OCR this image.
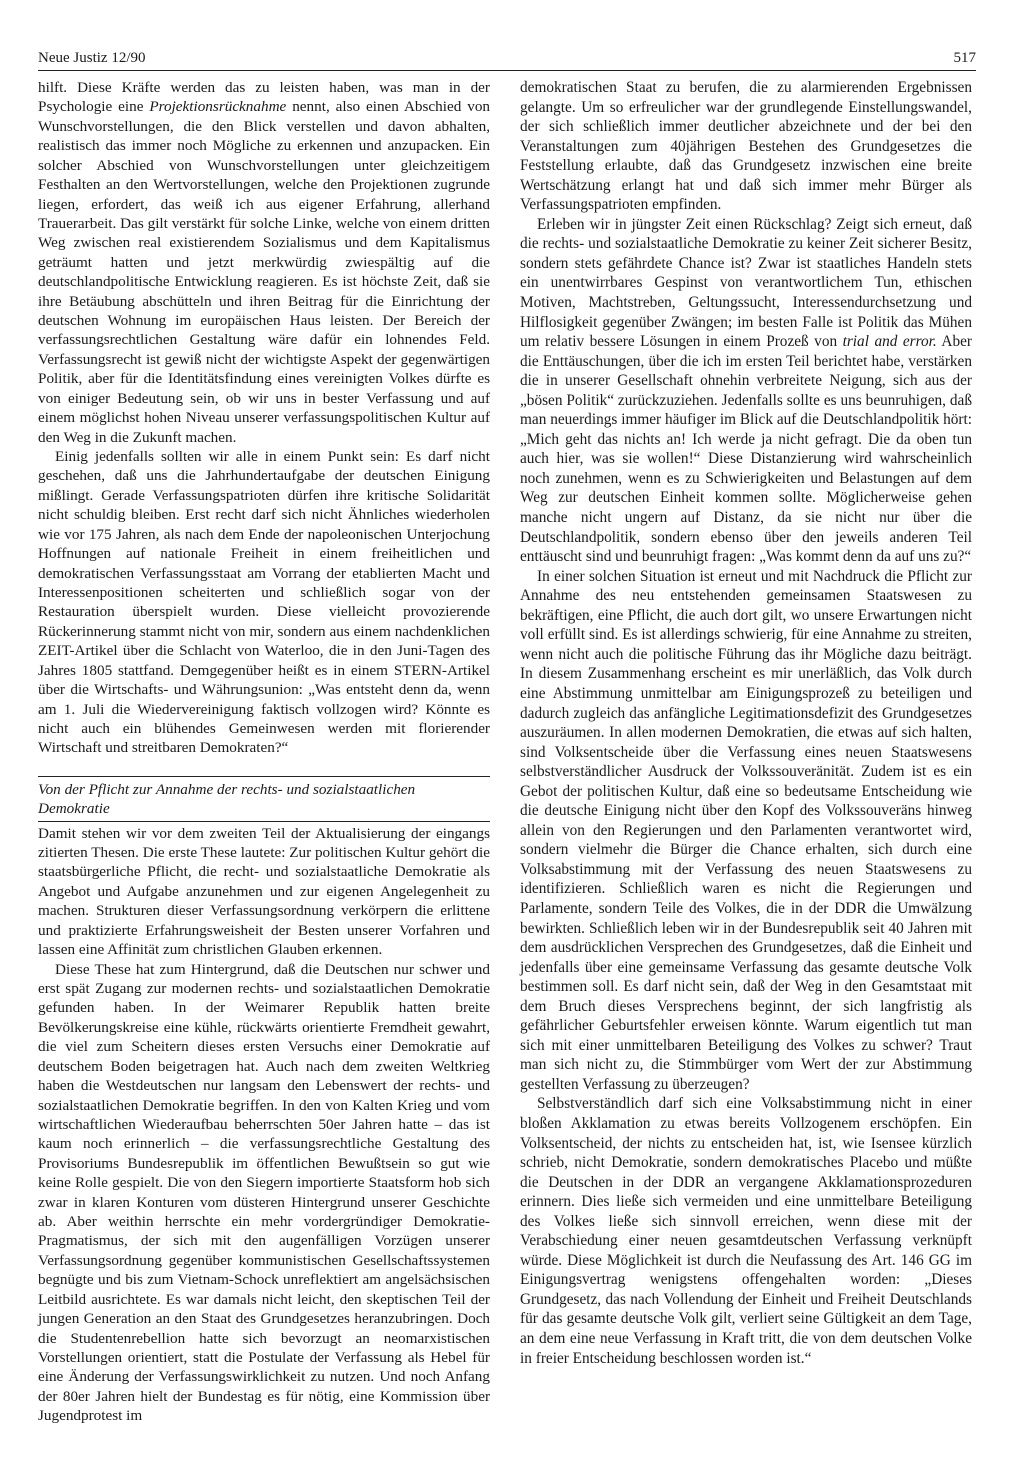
Neue Justiz 12/90	517

hilft. Diese Kräfte werden das zu leisten haben, was man in der Psychologie eine Projektionsrücknahme nennt, also einen Abschied von Wunschvorstellungen, die den Blick verstellen und davon abhalten, realistisch das immer noch Mögliche zu erkennen und anzupacken. Ein solcher Abschied von Wunschvorstellungen unter gleichzeitigem Festhalten an den Wertvorstellungen, welche den Projektionen zugrunde liegen, erfordert, das weiß ich aus eigener Erfahrung, allerhand Trauerarbeit. Das gilt verstärkt für solche Linke, welche von einem dritten Weg zwischen real existierendem Sozialismus und dem Kapitalismus geträumt hatten und jetzt merkwürdig zwiespältig auf die deutschlandpolitische Entwicklung reagieren. Es ist höchste Zeit, daß sie ihre Betäubung abschütteln und ihren Beitrag für die Einrichtung der deutschen Wohnung im europäischen Haus leisten. Der Bereich der verfassungsrechtlichen Gestaltung wäre dafür ein lohnendes Feld. Verfassungsrecht ist gewiß nicht der wichtigste Aspekt der gegenwärtigen Politik, aber für die Identitätsfindung eines vereinigten Volkes dürfte es von einiger Bedeutung sein, ob wir uns in bester Verfassung und auf einem möglichst hohen Niveau unserer verfassungspolitischen Kultur auf den Weg in die Zukunft machen.

Einig jedenfalls sollten wir alle in einem Punkt sein: Es darf nicht geschehen, daß uns die Jahrhundertaufgabe der deutschen Einigung mißlingt. Gerade Verfassungspatrioten dürfen ihre kritische Solidarität nicht schuldig bleiben. Erst recht darf sich nicht Ähnliches wiederholen wie vor 175 Jahren, als nach dem Ende der napoleonischen Unterjochung Hoffnungen auf nationale Freiheit in einem freiheitlichen und demokratischen Verfassungsstaat am Vorrang der etablierten Macht und Interessenpositionen scheiterten und schließlich sogar von der Restauration überspielt wurden. Diese vielleicht provozierende Rückerinnerung stammt nicht von mir, sondern aus einem nachdenklichen ZEIT-Artikel über die Schlacht von Waterloo, die in den Juni-Tagen des Jahres 1805 stattfand. Demgegenüber heißt es in einem STERN-Artikel über die Wirtschafts- und Währungsunion: „Was entsteht denn da, wenn am 1. Juli die Wiedervereinigung faktisch vollzogen wird? Könnte es nicht auch ein blühendes Gemeinwesen werden mit florierender Wirtschaft und streitbaren Demokraten?“

Von der Pflicht zur Annahme der rechts- und sozialstaatlichen Demokratie

Damit stehen wir vor dem zweiten Teil der Aktualisierung der eingangs zitierten Thesen. Die erste These lautete: Zur politischen Kultur gehört die staatsbürgerliche Pflicht, die recht- und sozialstaatliche Demokratie als Angebot und Aufgabe anzunehmen und zur eigenen Angelegenheit zu machen. Strukturen dieser Verfassungsordnung verkörpern die erlittene und praktizierte Erfahrungsweisheit der Besten unserer Vorfahren und lassen eine Affinität zum christlichen Glauben erkennen.

Diese These hat zum Hintergrund, daß die Deutschen nur schwer und erst spät Zugang zur modernen rechts- und sozialstaatlichen Demokratie gefunden haben. In der Weimarer Republik hatten breite Bevölkerungskreise eine kühle, rückwärts orientierte Fremdheit gewahrt, die viel zum Scheitern dieses ersten Versuchs einer Demokratie auf deutschem Boden beigetragen hat. Auch nach dem zweiten Weltkrieg haben die Westdeutschen nur langsam den Lebenswert der rechts- und sozialstaatlichen Demokratie begriffen. In den von Kalten Krieg und vom wirtschaftlichen Wiederaufbau beherrschten 50er Jahren hatte – das ist kaum noch erinnerlich – die verfassungsrechtliche Gestaltung des Provisoriums Bundesrepublik im öffentlichen Bewußtsein so gut wie keine Rolle gespielt. Die von den Siegern importierte Staatsform hob sich zwar in klaren Konturen vom düsteren Hintergrund unserer Geschichte ab. Aber weithin herrschte ein mehr vordergründiger Demokratie-Pragmatismus, der sich mit den augenfälligen Vorzügen unserer Verfassungsordnung gegenüber kommunistischen Gesellschaftssystemen begnügte und bis zum Vietnam-Schock unreflektiert am angelsächsischen Leitbild ausrichtete. Es war damals nicht leicht, den skeptischen Teil der jungen Generation an den Staat des Grundgesetzes heranzubringen. Doch die Studentenrebellion hatte sich bevorzugt an neomarxistischen Vorstellungen orientiert, statt die Postulate der Verfassung als Hebel für eine Änderung der Verfassungswirklichkeit zu nutzen. Und noch Anfang der 80er Jahren hielt der Bundestag es für nötig, eine Kommission über Jugendprotest im

demokratischen Staat zu berufen, die zu alarmierenden Ergebnissen gelangte. Um so erfreulicher war der grundlegende Einstellungswandel, der sich schließlich immer deutlicher abzeichnete und der bei den Veranstaltungen zum 40jährigen Bestehen des Grundgesetzes die Feststellung erlaubte, daß das Grundgesetz inzwischen eine breite Wertschätzung erlangt hat und daß sich immer mehr Bürger als Verfassungspatrioten empfinden.

Erleben wir in jüngster Zeit einen Rückschlag? Zeigt sich erneut, daß die rechts- und sozialstaatliche Demokratie zu keiner Zeit sicherer Besitz, sondern stets gefährdete Chance ist? Zwar ist staatliches Handeln stets ein unentwirrbares Gespinst von verantwortlichem Tun, ethischen Motiven, Machtstreben, Geltungssucht, Interessendurchsetzung und Hilflosigkeit gegenüber Zwängen; im besten Falle ist Politik das Mühen um relativ bessere Lösungen in einem Prozeß von trial and error. Aber die Enttäuschungen, über die ich im ersten Teil berichtet habe, verstärken die in unserer Gesellschaft ohnehin verbreitete Neigung, sich aus der „bösen Politik“ zurückzuziehen. Jedenfalls sollte es uns beunruhigen, daß man neuerdings immer häufiger im Blick auf die Deutschlandpolitik hört: „Mich geht das nichts an! Ich werde ja nicht gefragt. Die da oben tun auch hier, was sie wollen!“ Diese Distanzierung wird wahrscheinlich noch zunehmen, wenn es zu Schwierigkeiten und Belastungen auf dem Weg zur deutschen Einheit kommen sollte. Möglicherweise gehen manche nicht ungern auf Distanz, da sie nicht nur über die Deutschlandpolitik, sondern ebenso über den jeweils anderen Teil enttäuscht sind und beunruhigt fragen: „Was kommt denn da auf uns zu?“

In einer solchen Situation ist erneut und mit Nachdruck die Pflicht zur Annahme des neu entstehenden gemeinsamen Staatswesen zu bekräftigen, eine Pflicht, die auch dort gilt, wo unsere Erwartungen nicht voll erfüllt sind. Es ist allerdings schwierig, für eine Annahme zu streiten, wenn nicht auch die politische Führung das ihr Mögliche dazu beiträgt. In diesem Zusammenhang erscheint es mir unerläßlich, das Volk durch eine Abstimmung unmittelbar am Einigungsprozeß zu beteiligen und dadurch zugleich das anfängliche Legitimationsdefizit des Grundgesetzes auszuräumen. In allen modernen Demokratien, die etwas auf sich halten, sind Volksentscheide über die Verfassung eines neuen Staatswesens selbstverständlicher Ausdruck der Volkssouveränität. Zudem ist es ein Gebot der politischen Kultur, daß eine so bedeutsame Entscheidung wie die deutsche Einigung nicht über den Kopf des Volkssouveräns hinweg allein von den Regierungen und den Parlamenten verantwortet wird, sondern vielmehr die Bürger die Chance erhalten, sich durch eine Volksabstimmung mit der Verfassung des neuen Staatswesens zu identifizieren. Schließlich waren es nicht die Regierungen und Parlamente, sondern Teile des Volkes, die in der DDR die Umwälzung bewirkten. Schließlich leben wir in der Bundesrepublik seit 40 Jahren mit dem ausdrücklichen Versprechen des Grundgesetzes, daß die Einheit und jedenfalls über eine gemeinsame Verfassung das gesamte deutsche Volk bestimmen soll. Es darf nicht sein, daß der Weg in den Gesamtstaat mit dem Bruch dieses Versprechens beginnt, der sich langfristig als gefährlicher Geburtsfehler erweisen könnte. Warum eigentlich tut man sich mit einer unmittelbaren Beteiligung des Volkes zu schwer? Traut man sich nicht zu, die Stimmbürger vom Wert der zur Abstimmung gestellten Verfassung zu überzeugen?

Selbstverständlich darf sich eine Volksabstimmung nicht in einer bloßen Akklamation zu etwas bereits Vollzogenem erschöpfen. Ein Volksentscheid, der nichts zu entscheiden hat, ist, wie Isensee kürzlich schrieb, nicht Demokratie, sondern demokratisches Placebo und müßte die Deutschen in der DDR an vergangene Akklamationsprozeduren erinnern. Dies ließe sich vermeiden und eine unmittelbare Beteiligung des Volkes ließe sich sinnvoll erreichen, wenn diese mit der Verabschiedung einer neuen gesamtdeutschen Verfassung verknüpft würde. Diese Möglichkeit ist durch die Neufassung des Art. 146 GG im Einigungsvertrag wenigstens offengehalten worden: „Dieses Grundgesetz, das nach Vollendung der Einheit und Freiheit Deutschlands für das gesamte deutsche Volk gilt, verliert seine Gültigkeit an dem Tage, an dem eine neue Verfassung in Kraft tritt, die von dem deutschen Volke in freier Entscheidung beschlossen worden ist.“
